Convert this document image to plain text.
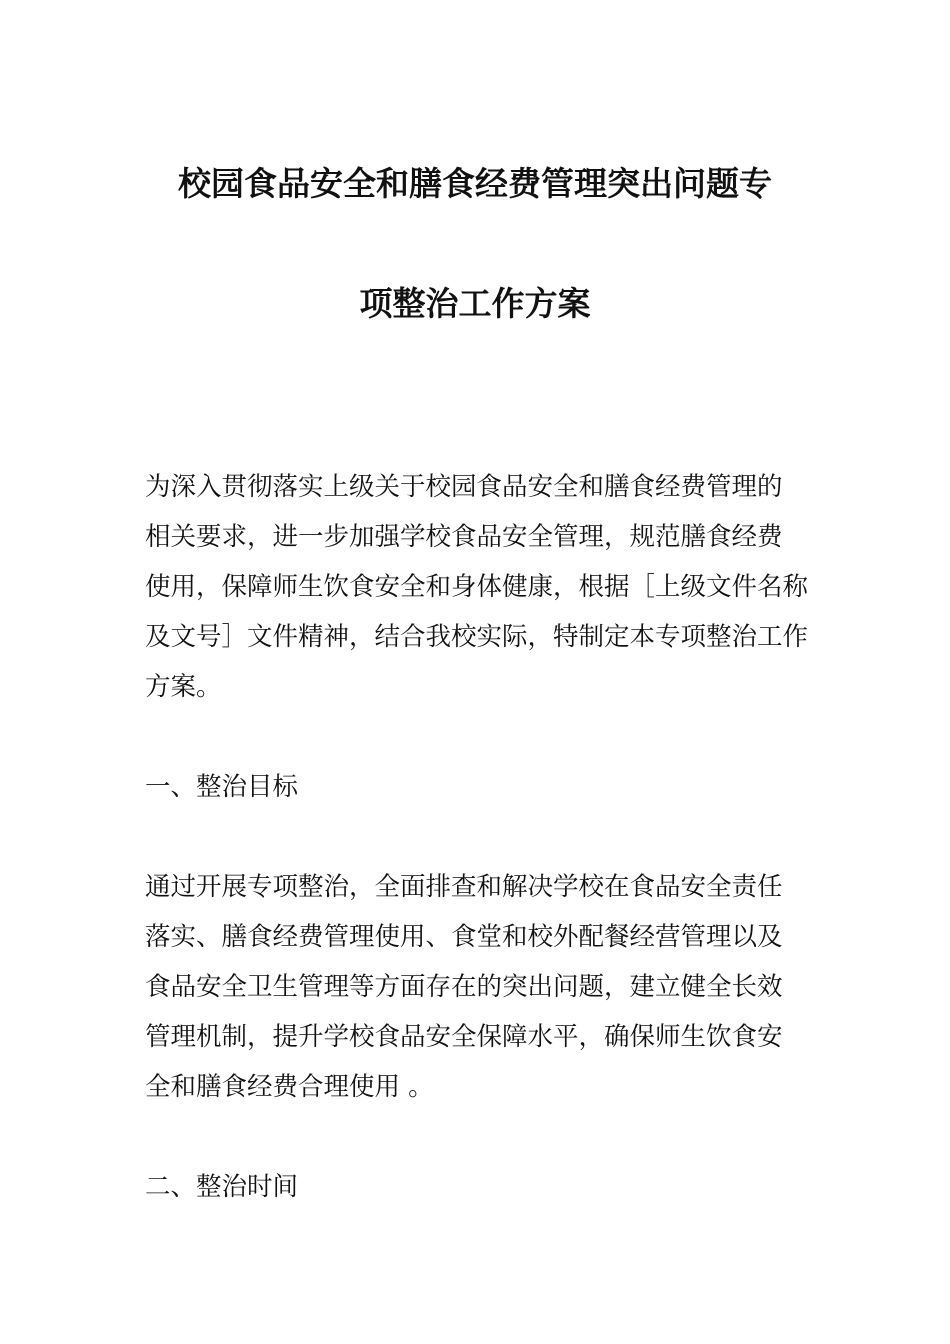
校园食品安全和膳食经费管理突出问题专
项整治工作方案

为深入贯彻落实上级关于校园食品安全和膳食经费管理的
相关要求，进一步加强学校食品安全管理，规范膳食经费
使用，保障师生饮食安全和身体健康，根据［上级文件名称
及文号］文件精神，结合我校实际，特制定本专项整治工作
方案。

一、整治目标

通过开展专项整治，全面排查和解决学校在食品安全责任
落实、膳食经费管理使用、食堂和校外配餐经营管理以及
食品安全卫生管理等方面存在的突出问题，建立健全长效
管理机制，提升学校食品安全保障水平，确保师生饮食安
全和膳食经费合理使用 。

二、整治时间
